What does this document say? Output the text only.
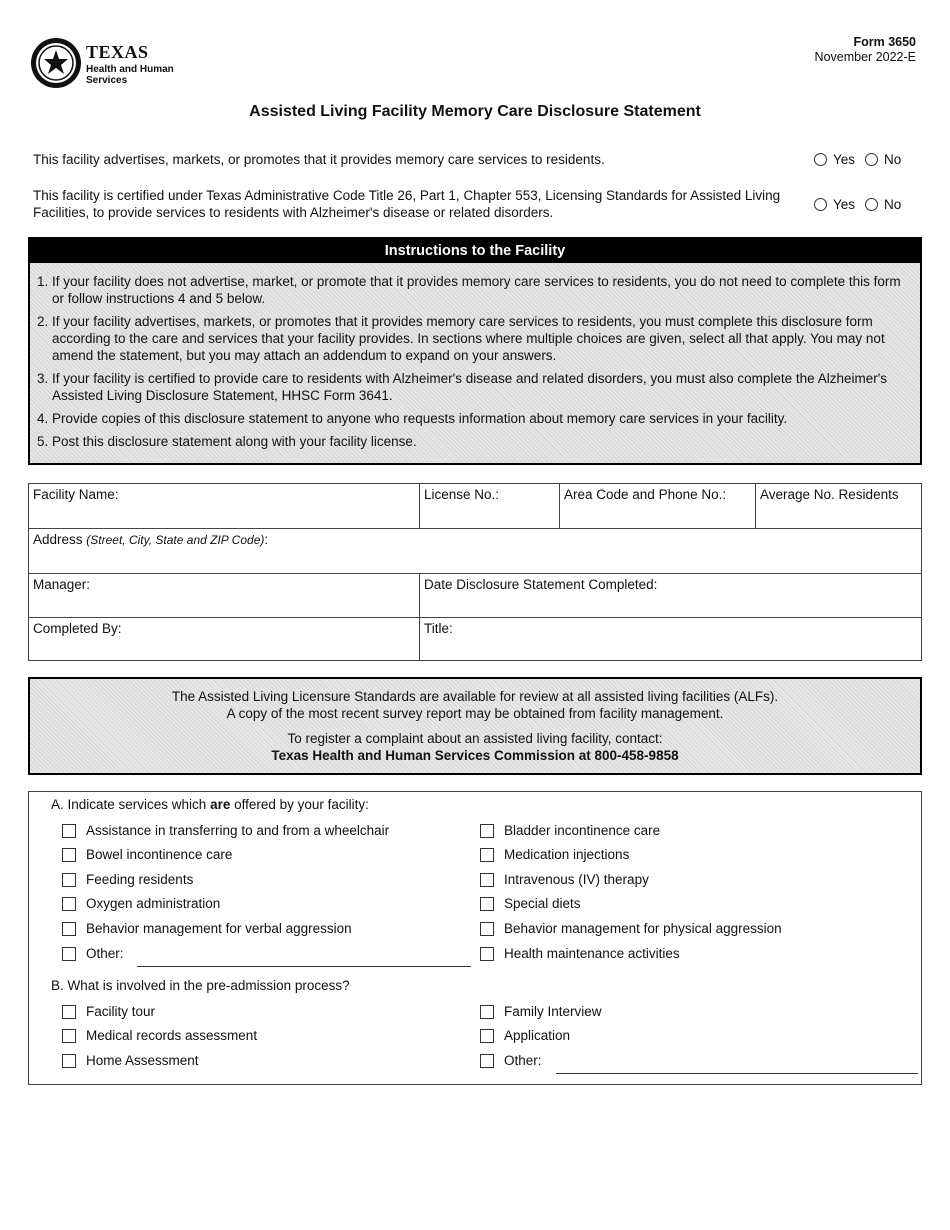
TEXAS
Health and Human Services
Form 3650
November 2022-E
Assisted Living Facility Memory Care Disclosure Statement
This facility advertises, markets, or promotes that it provides memory care services to residents.	Yes No
This facility is certified under Texas Administrative Code Title 26, Part 1, Chapter 553, Licensing Standards for Assisted Living Facilities, to provide services to residents with Alzheimer's disease or related disorders.
Yes No
Instructions to the Facility
1. If your facility does not advertise, market, or promote that it provides memory care services to residents, you do not need to complete this form or follow instructions 4 and 5 below.
2. If your facility advertises, markets, or promotes that it provides memory care services to residents, you must complete this disclosure form according to the care and services that your facility provides. In sections where multiple choices are given, select all that apply. You may not amend the statement, but you may attach an addendum to expand on your answers.
3. If your facility is certified to provide care to residents with Alzheimer's disease and related disorders, you must also complete the Alzheimer's Assisted Living Disclosure Statement, HHSC Form 3641.
4. Provide copies of this disclosure statement to anyone who requests information about memory care services in your facility.
5. Post this disclosure statement along with your facility license.
Facility Name:	License No.:	Area Code and Phone No.:	Average No. Residents
Address (Street, City, State and ZIP Code):
Manager:	Date Disclosure Statement Completed:
Completed By:	Title:
The Assisted Living Licensure Standards are available for review at all assisted living facilities (ALFs).
A copy of the most recent survey report may be obtained from facility management.
To register a complaint about an assisted living facility, contact:
Texas Health and Human Services Commission at 800-458-9858
A. Indicate services which are offered by your facility:
Assistance in transferring to and from a wheelchair
Bowel incontinence care
Feeding residents
Oxygen administration
Behavior management for verbal aggression
Other:
Bladder incontinence care
Medication injections
Intravenous (IV) therapy
Special diets
Behavior management for physical aggression
Health maintenance activities
B. What is involved in the pre-admission process?
Facility tour
Medical records assessment
Home Assessment
Family Interview
Application
Other:
